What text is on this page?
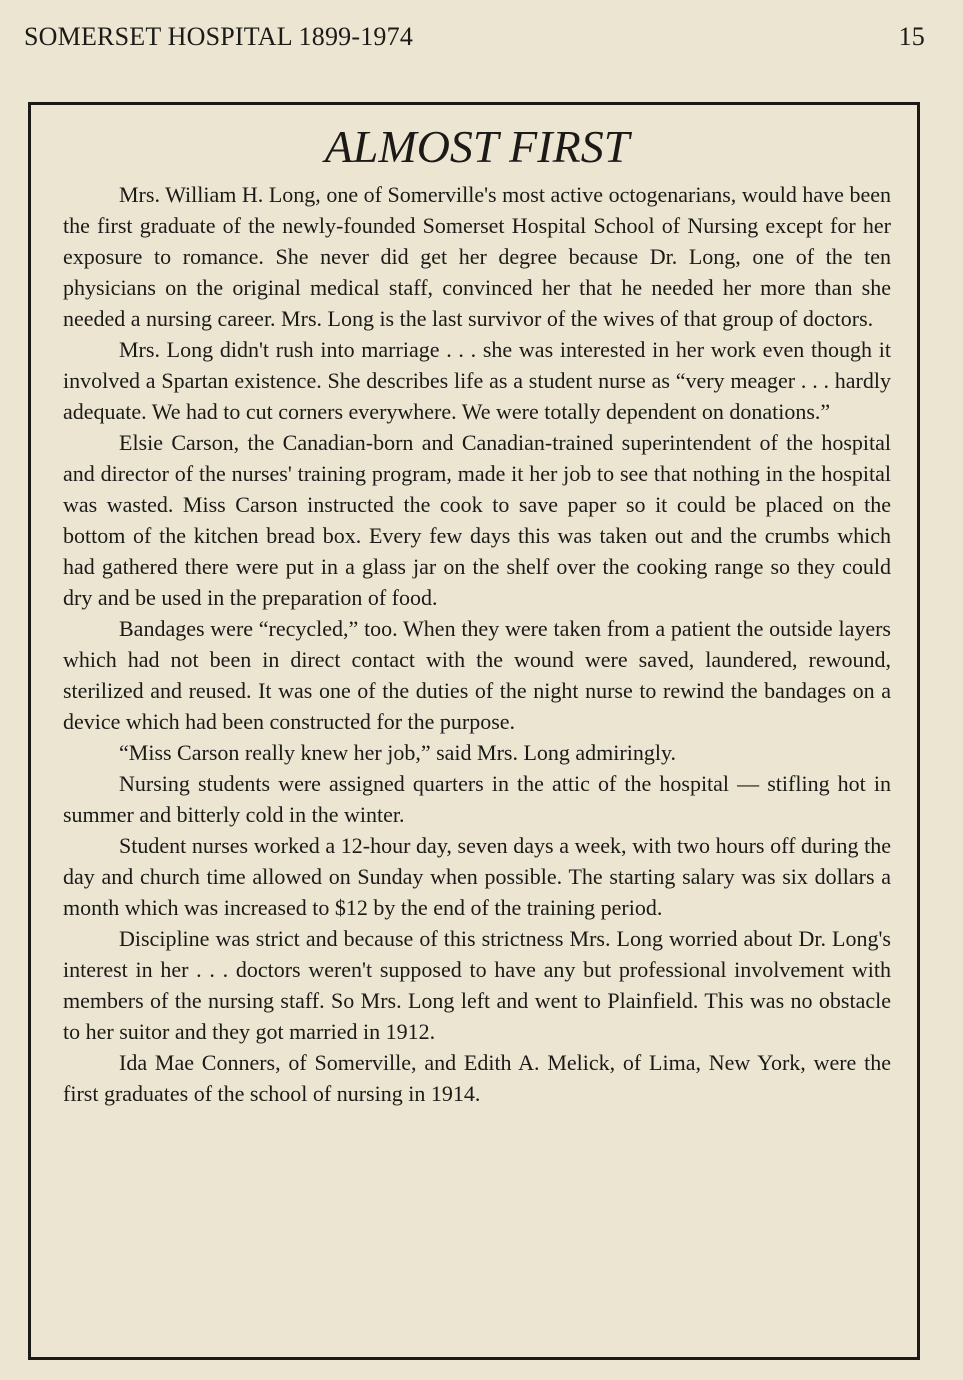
SOMERSET HOSPITAL 1899-1974	15
ALMOST FIRST

Mrs. William H. Long, one of Somerville's most active octogenarians, would have been the first graduate of the newly-founded Somerset Hospital School of Nursing except for her exposure to romance. She never did get her degree because Dr. Long, one of the ten physicians on the original medical staff, convinced her that he needed her more than she needed a nursing career. Mrs. Long is the last survivor of the wives of that group of doctors.

Mrs. Long didn't rush into marriage . . . she was interested in her work even though it involved a Spartan existence. She describes life as a student nurse as “very meager . . . hardly adequate. We had to cut corners everywhere. We were totally dependent on donations.”

Elsie Carson, the Canadian-born and Canadian-trained superintendent of the hospital and director of the nurses' training program, made it her job to see that nothing in the hospital was wasted. Miss Carson instructed the cook to save paper so it could be placed on the bottom of the kitchen bread box. Every few days this was taken out and the crumbs which had gathered there were put in a glass jar on the shelf over the cooking range so they could dry and be used in the preparation of food.

Bandages were “recycled,” too. When they were taken from a patient the outside layers which had not been in direct contact with the wound were saved, laundered, rewound, sterilized and reused. It was one of the duties of the night nurse to rewind the bandages on a device which had been constructed for the purpose.

“Miss Carson really knew her job,” said Mrs. Long admiringly.

Nursing students were assigned quarters in the attic of the hospital — stifling hot in summer and bitterly cold in the winter.

Student nurses worked a 12-hour day, seven days a week, with two hours off during the day and church time allowed on Sunday when possible. The starting salary was six dollars a month which was increased to $12 by the end of the training period.

Discipline was strict and because of this strictness Mrs. Long worried about Dr. Long's interest in her . . . doctors weren't supposed to have any but professional involvement with members of the nursing staff. So Mrs. Long left and went to Plainfield. This was no obstacle to her suitor and they got married in 1912.

Ida Mae Conners, of Somerville, and Edith A. Melick, of Lima, New York, were the first graduates of the school of nursing in 1914.
